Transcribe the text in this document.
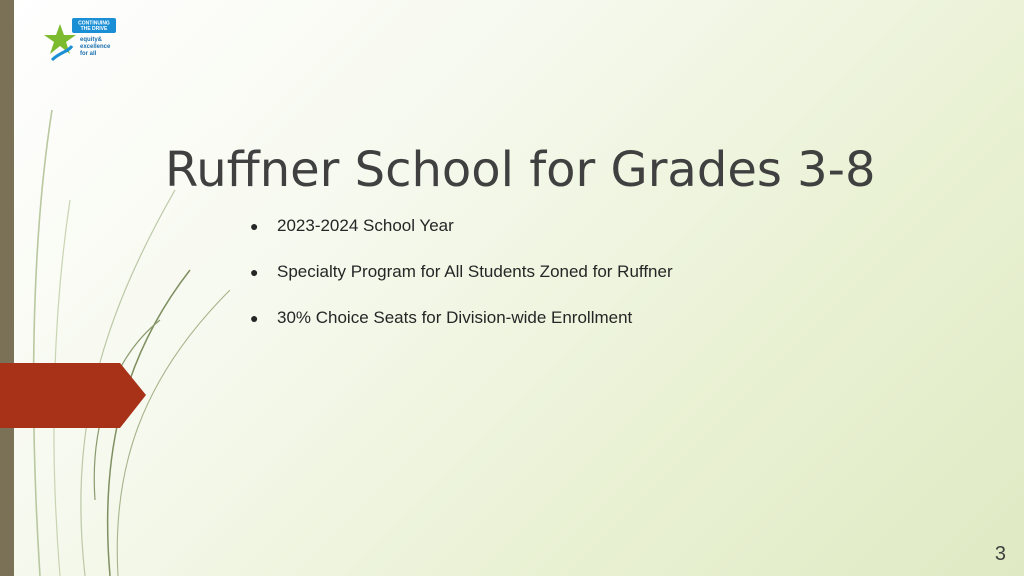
CONTINUING
THE DRIVE
equity&
excellence
for all
Ruffner School for Grades 3-8
● 2023-2024 School Year
● Specialty Program for All Students Zoned for Ruffner
● 30% Choice Seats for Division-wide Enrollment
3
